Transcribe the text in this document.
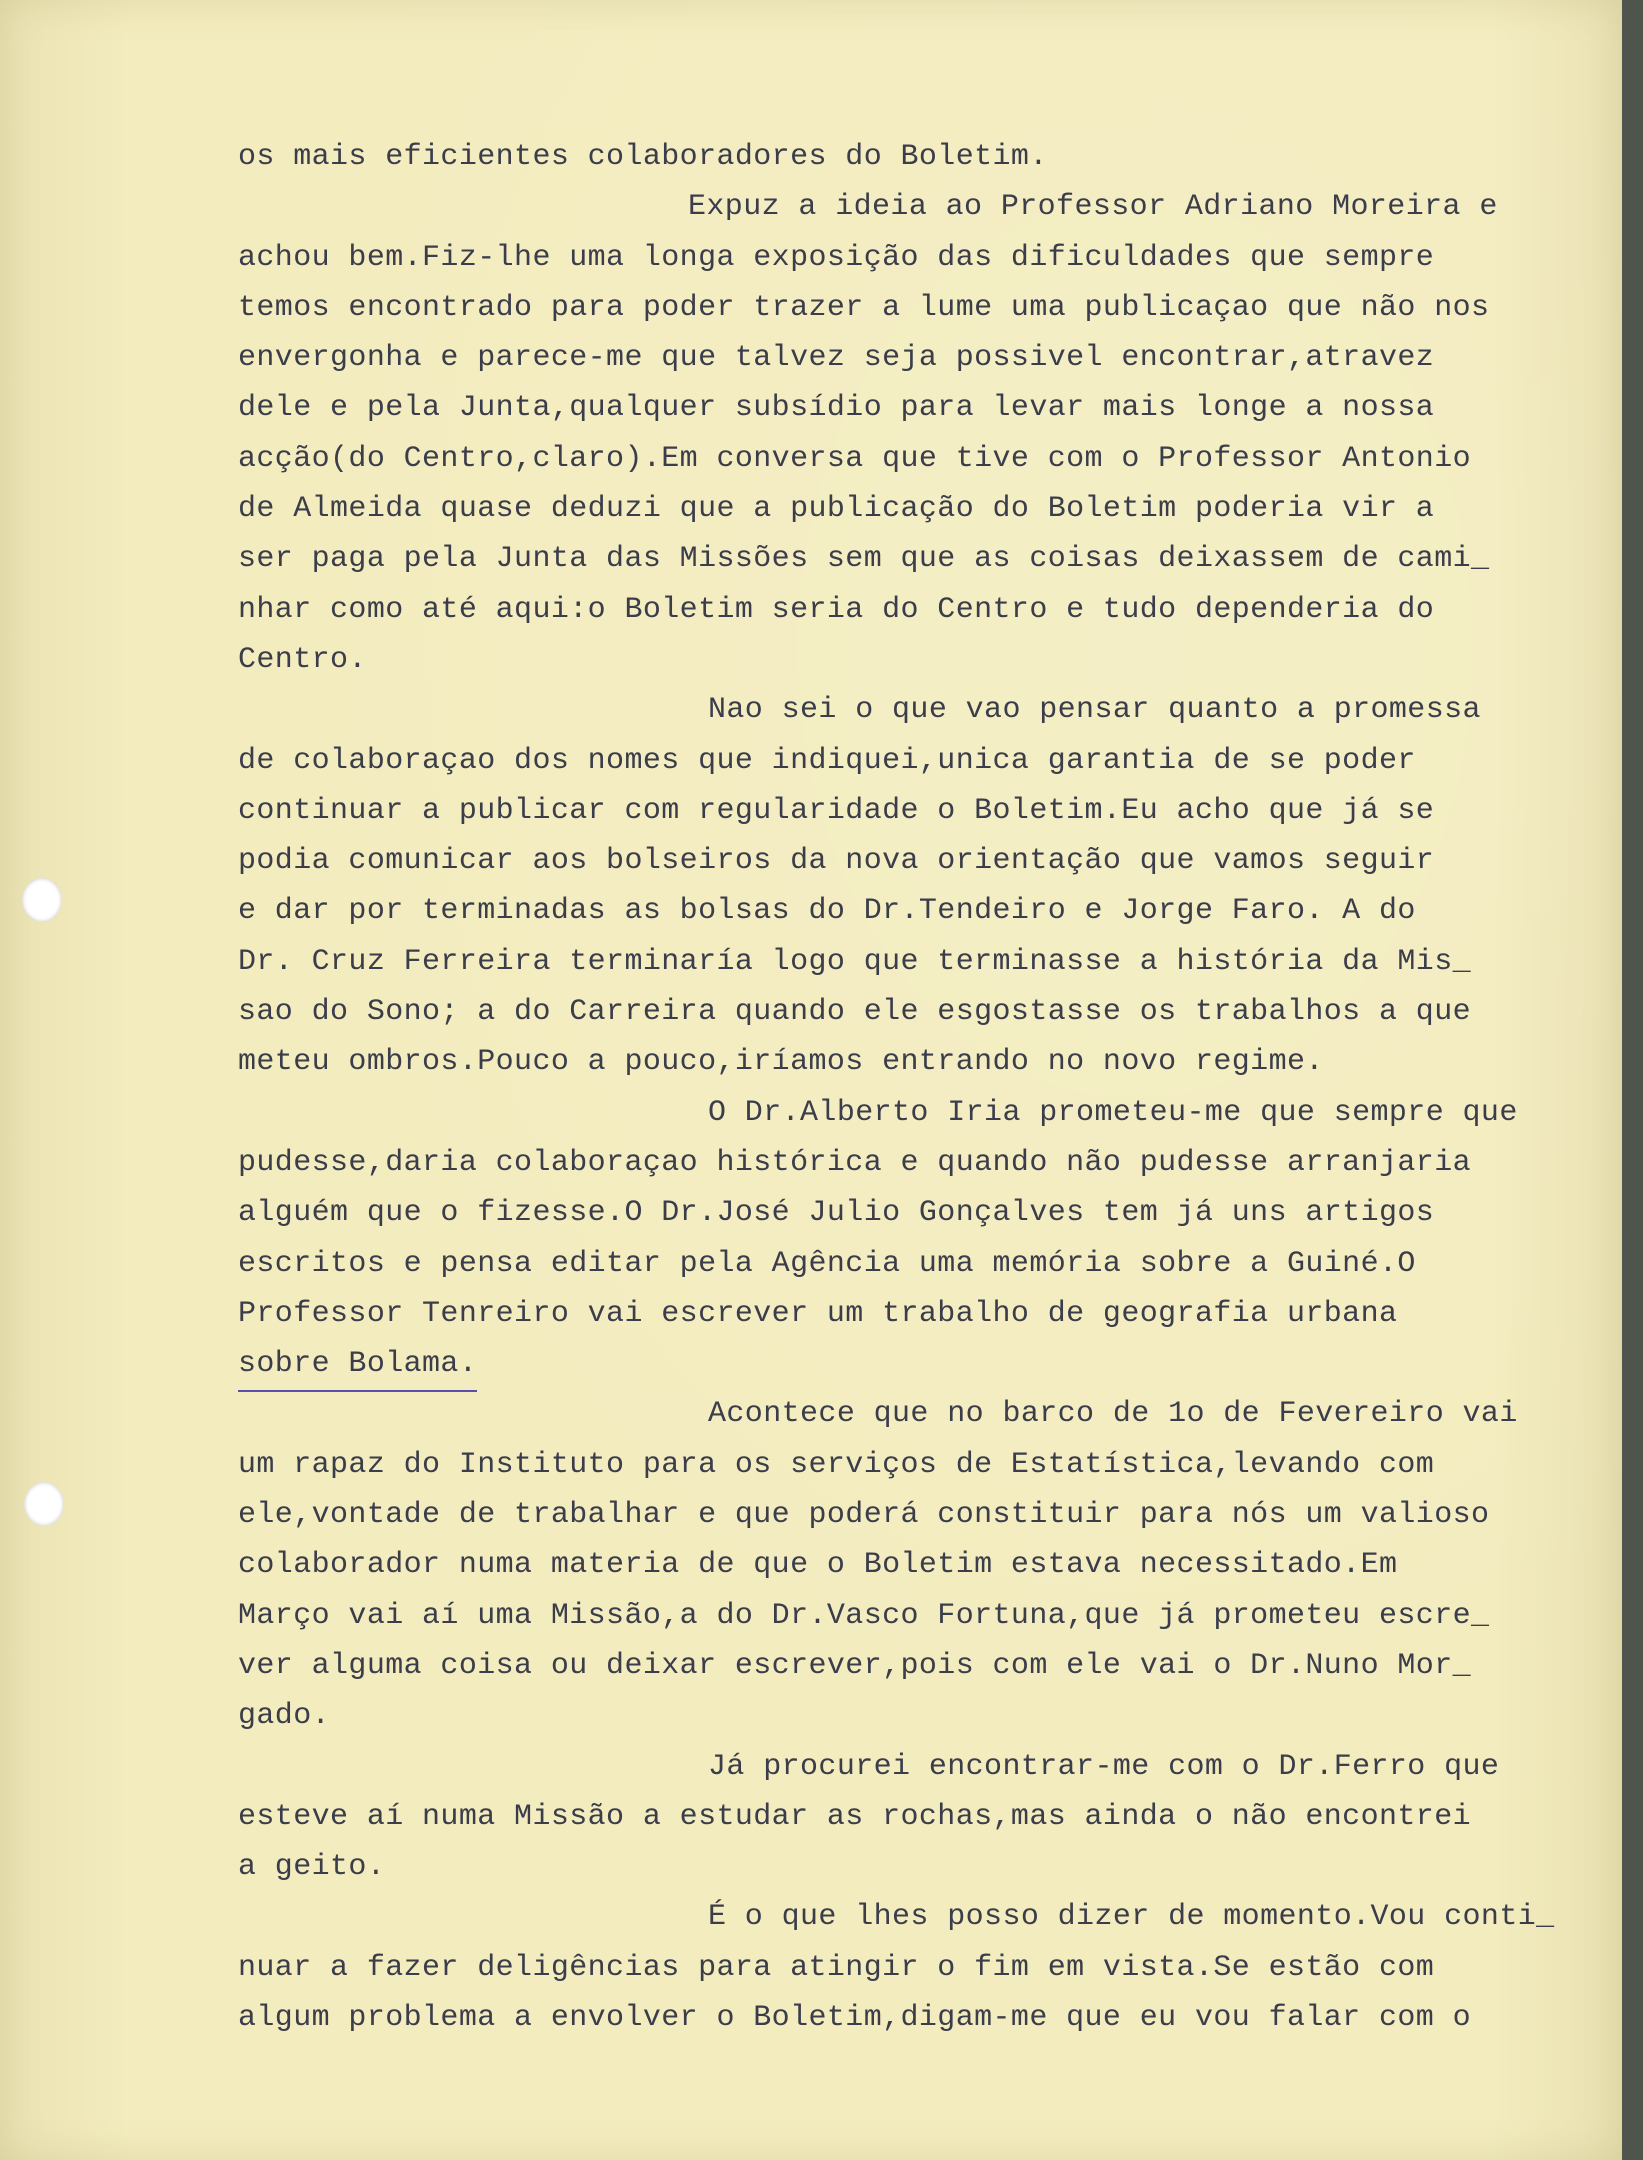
os mais eficientes colaboradores do Boletim.
Expuz a ideia ao Professor Adriano Moreira e
achou bem.Fiz-lhe uma longa exposição das dificuldades que sempre
temos encontrado para poder trazer a lume uma publicaçao que não nos
envergonha e parece-me que talvez seja possivel encontrar,atravez
dele e pela Junta,qualquer subsídio para levar mais longe a nossa
acção(do Centro,claro).Em conversa que tive com o Professor Antonio
de Almeida quase deduzi que a publicação do Boletim poderia vir a
ser paga pela Junta das Missões sem que as coisas deixassem de cami_
nhar como até aqui:o Boletim seria do Centro e tudo dependeria do
Centro.
Nao sei o que vao pensar quanto a promessa
de colaboraçao dos nomes que indiquei,unica garantia de se poder
continuar a publicar com regularidade o Boletim.Eu acho que já se
podia comunicar aos bolseiros da nova orientação que vamos seguir
e dar por terminadas as bolsas do Dr.Tendeiro e Jorge Faro. A do
Dr. Cruz Ferreira terminaría logo que terminasse a história da Mis_
sao do Sono; a do Carreira quando ele esgostasse os trabalhos a que
meteu ombros.Pouco a pouco,iríamos entrando no novo regime.
O Dr.Alberto Iria prometeu-me que sempre que
pudesse,daria colaboraçao histórica e quando não pudesse arranjaria
alguém que o fizesse.O Dr.José Julio Gonçalves tem já uns artigos
escritos e pensa editar pela Agência uma memória sobre a Guiné.O
Professor Tenreiro vai escrever um trabalho de geografia urbana
sobre Bolama.
Acontece que no barco de 1o de Fevereiro vai
um rapaz do Instituto para os serviços de Estatística,levando com
ele,vontade de trabalhar e que poderá constituir para nós um valioso
colaborador numa materia de que o Boletim estava necessitado.Em
Março vai aí uma Missão,a do Dr.Vasco Fortuna,que já prometeu escre_
ver alguma coisa ou deixar escrever,pois com ele vai o Dr.Nuno Mor_
gado.
Já procurei encontrar-me com o Dr.Ferro que
esteve aí numa Missão a estudar as rochas,mas ainda o não encontrei
a geito.
É o que lhes posso dizer de momento.Vou conti_
nuar a fazer deligências para atingir o fim em vista.Se estão com
algum problema a envolver o Boletim,digam-me que eu vou falar com o
